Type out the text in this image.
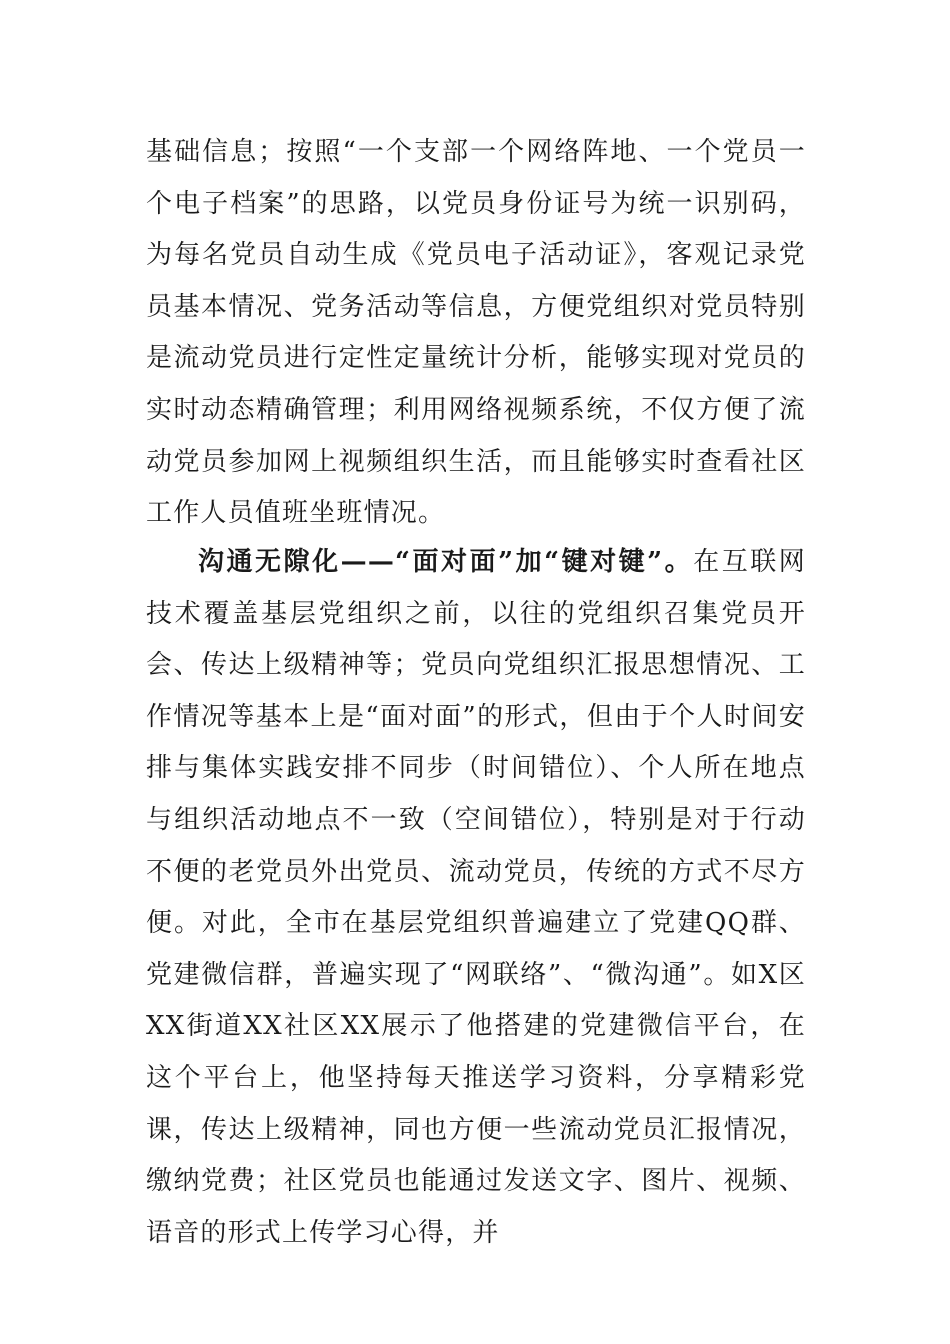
基础信息；按照“一个支部一个网络阵地、一个党员一个电子档案”的思路，以党员身份证号为统一识别码，为每名党员自动生成《党员电子活动证》，客观记录党员基本情况、党务活动等信息，方便党组织对党员特别是流动党员进行定性定量统计分析，能够实现对党员的实时动态精确管理；利用网络视频系统，不仅方便了流动党员参加网上视频组织生活，而且能够实时查看社区工作人员值班坐班情况。

沟通无隙化——“面对面”加“键对键”。在互联网技术覆盖基层党组织之前，以往的党组织召集党员开会、传达上级精神等；党员向党组织汇报思想情况、工作情况等基本上是“面对面”的形式，但由于个人时间安排与集体实践安排不同步（时间错位）、个人所在地点与组织活动地点不一致（空间错位），特别是对于行动不便的老党员外出党员、流动党员，传统的方式不尽方便。对此，全市在基层党组织普遍建立了党建QQ群、党建微信群，普遍实现了“网联络”、“微沟通”。如X区XX街道XX社区XX展示了他搭建的党建微信平台，在这个平台上，他坚持每天推送学习资料，分享精彩党课，传达上级精神，同也方便一些流动党员汇报情况，缴纳党费；社区党员也能通过发送文字、图片、视频、语音的形式上传学习心得，并
